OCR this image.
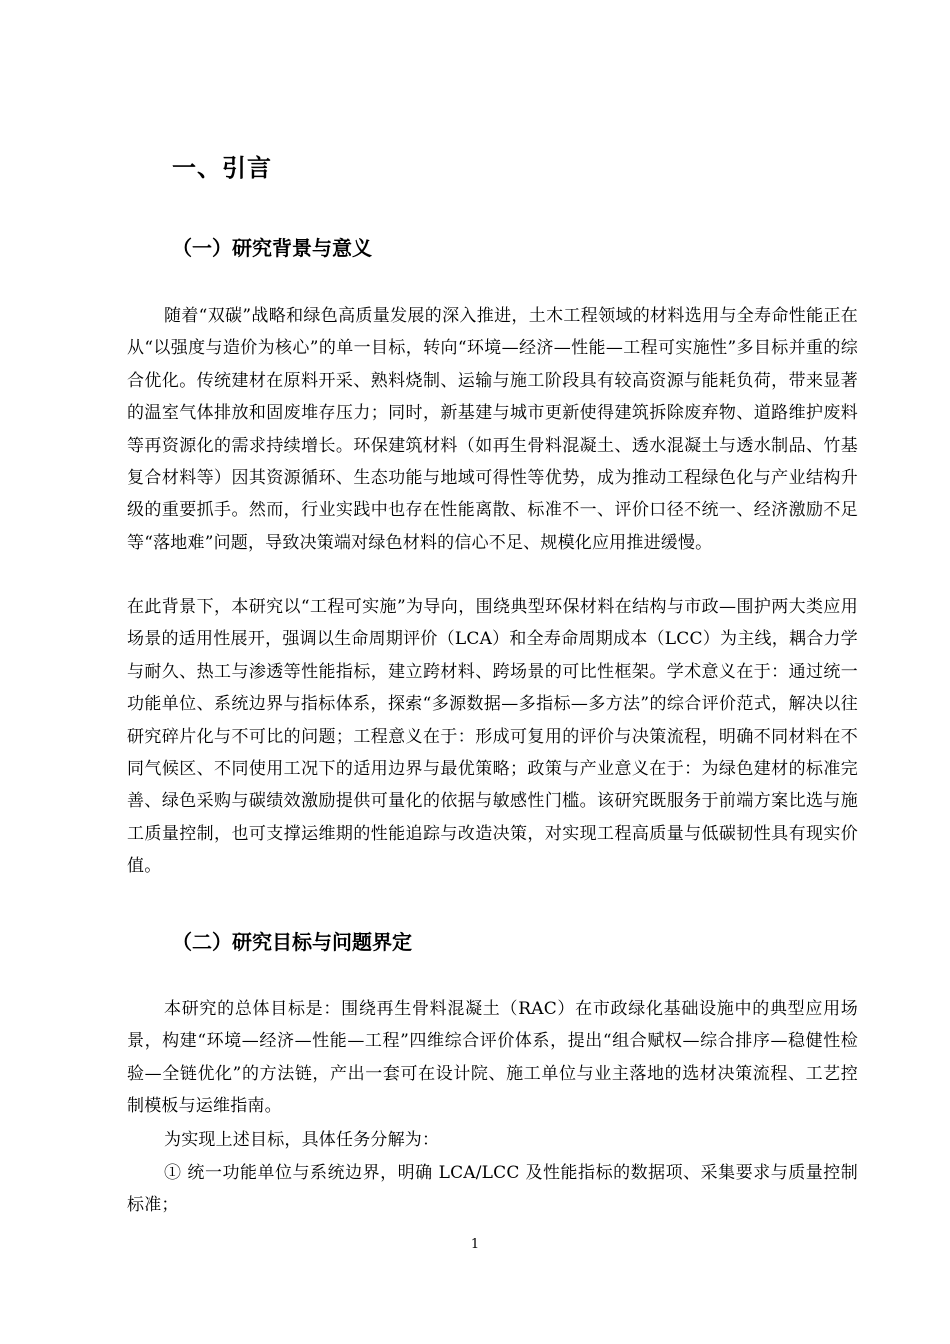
一、引言
（一）研究背景与意义

随着“双碳”战略和绿色高质量发展的深入推进，土木工程领域的材料选用与全寿命性能正在从“以强度与造价为核心”的单一目标，转向“环境—经济—性能—工程可实施性”多目标并重的综合优化。传统建材在原料开采、熟料烧制、运输与施工阶段具有较高资源与能耗负荷，带来显著的温室气体排放和固废堆存压力；同时，新基建与城市更新使得建筑拆除废弃物、道路维护废料等再资源化的需求持续增长。环保建筑材料（如再生骨料混凝土、透水混凝土与透水制品、竹基复合材料等）因其资源循环、生态功能与地域可得性等优势，成为推动工程绿色化与产业结构升级的重要抓手。然而，行业实践中也存在性能离散、标准不一、评价口径不统一、经济激励不足等“落地难”问题，导致决策端对绿色材料的信心不足、规模化应用推进缓慢。

在此背景下，本研究以“工程可实施”为导向，围绕典型环保材料在结构与市政—围护两大类应用场景的适用性展开，强调以生命周期评价（LCA）和全寿命周期成本（LCC）为主线，耦合力学与耐久、热工与渗透等性能指标，建立跨材料、跨场景的可比性框架。学术意义在于：通过统一功能单位、系统边界与指标体系，探索“多源数据—多指标—多方法”的综合评价范式，解决以往研究碎片化与不可比的问题；工程意义在于：形成可复用的评价与决策流程，明确不同材料在不同气候区、不同使用工况下的适用边界与最优策略；政策与产业意义在于：为绿色建材的标准完善、绿色采购与碳绩效激励提供可量化的依据与敏感性门槛。该研究既服务于前端方案比选与施工质量控制，也可支撑运维期的性能追踪与改造决策，对实现工程高质量与低碳韧性具有现实价值。

（二）研究目标与问题界定

本研究的总体目标是：围绕再生骨料混凝土（RAC）在市政绿化基础设施中的典型应用场景，构建“环境—经济—性能—工程”四维综合评价体系，提出“组合赋权—综合排序—稳健性检验—全链优化”的方法链，产出一套可在设计院、施工单位与业主落地的选材决策流程、工艺控制模板与运维指南。

为实现上述目标，具体任务分解为：

① 统一功能单位与系统边界，明确 LCA/LCC 及性能指标的数据项、采集要求与质量控制标准；

1
